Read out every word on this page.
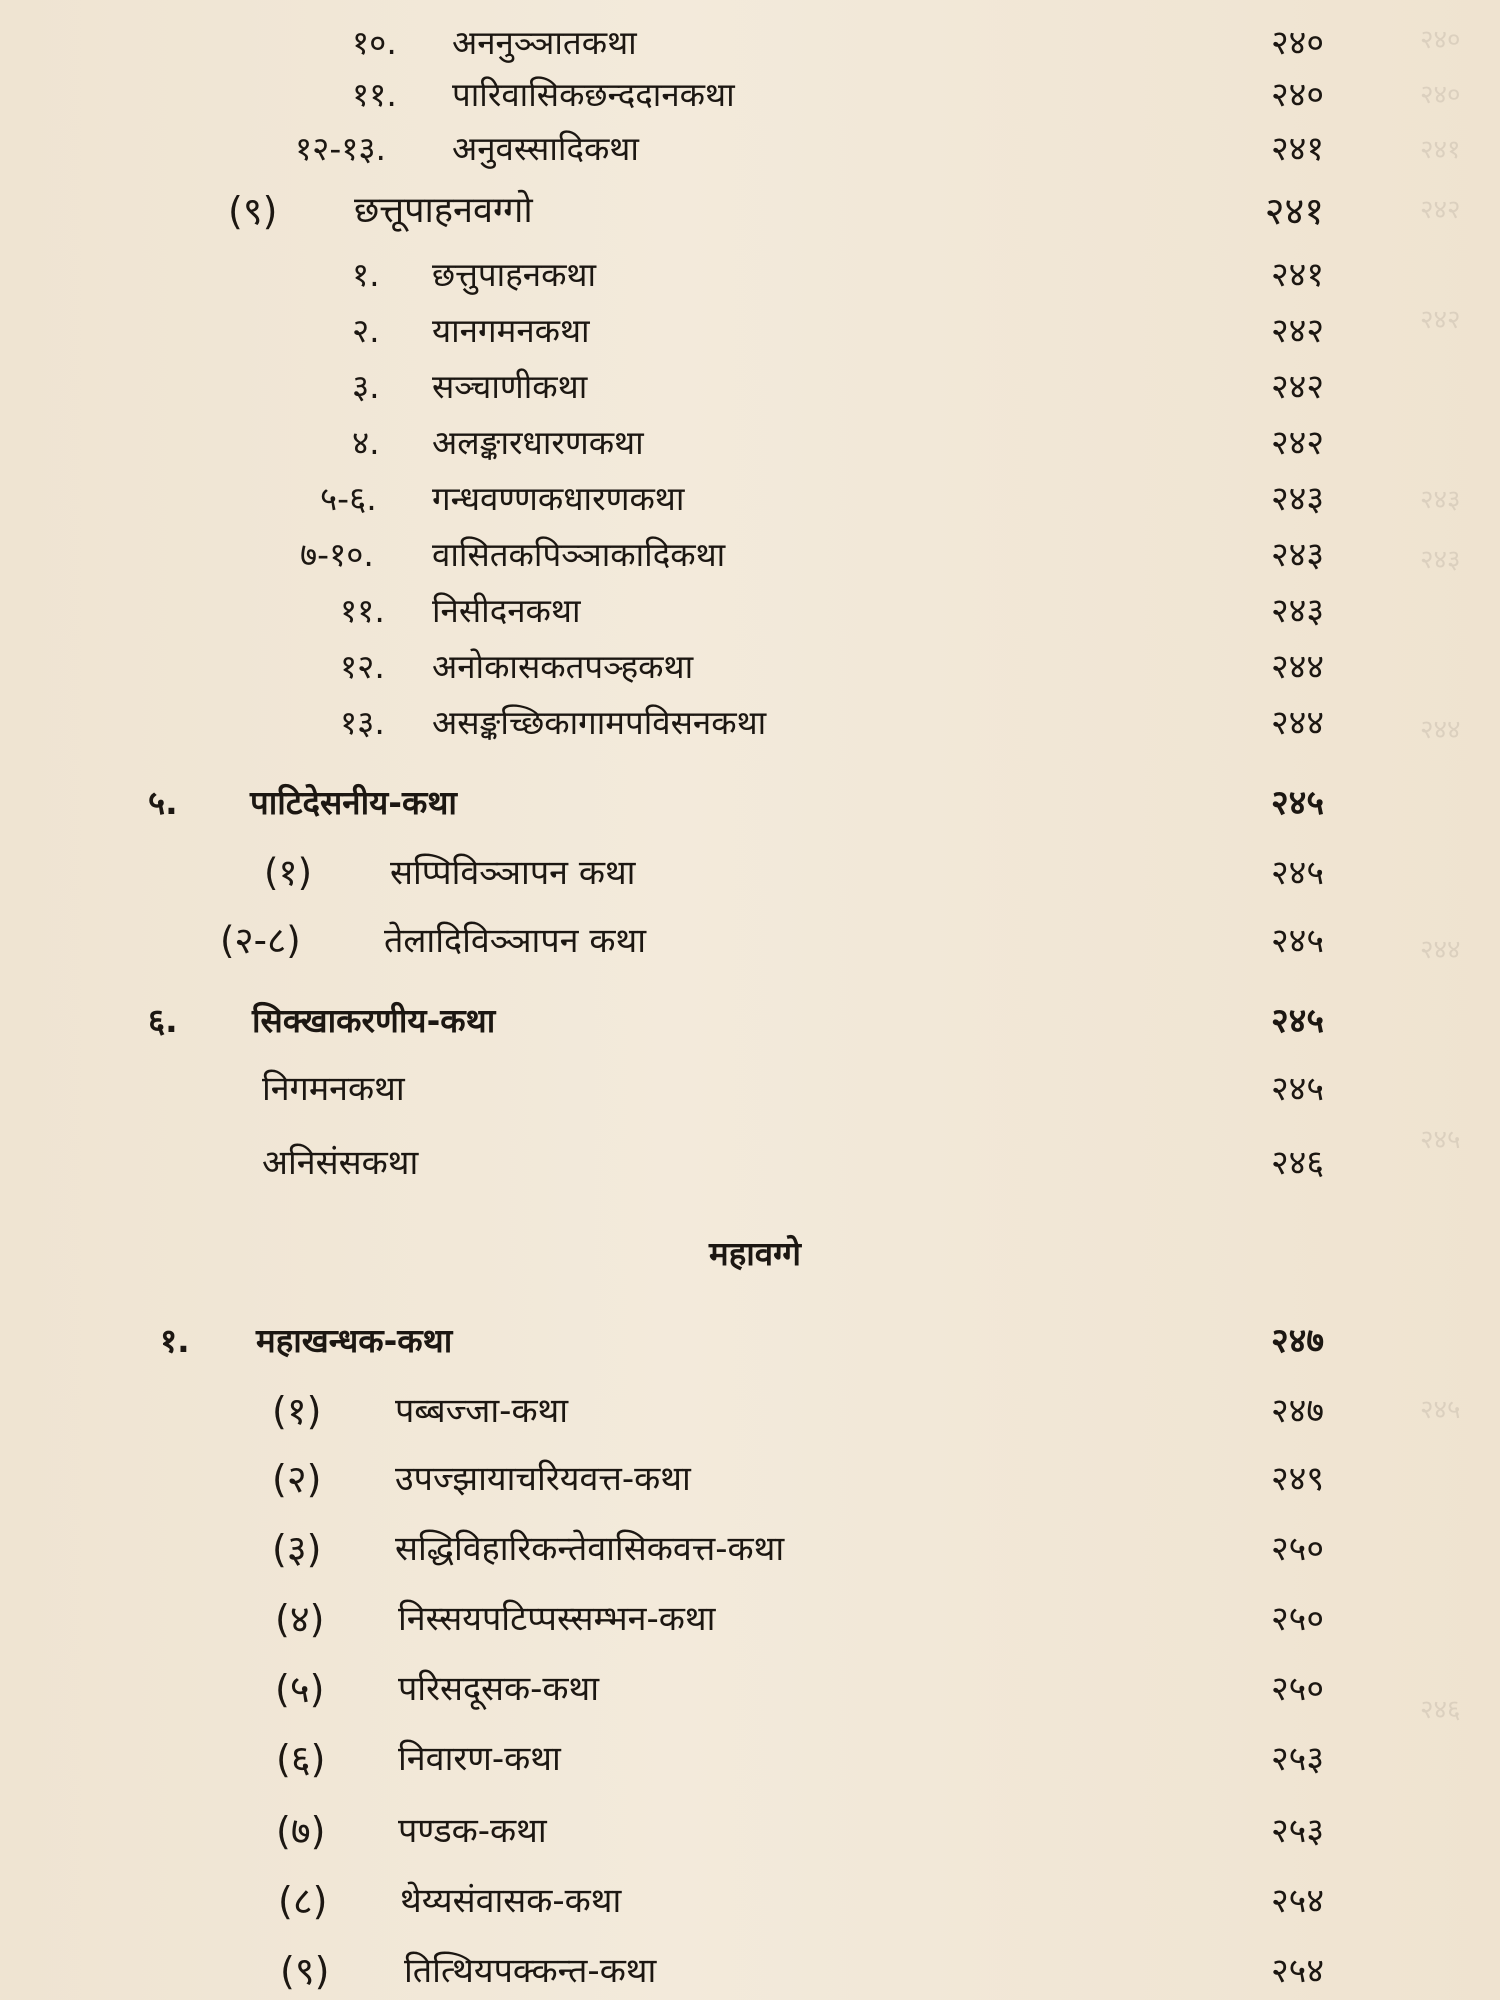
२४०
२४०
२४१
२४२
२४२
२४३
२४३
२४४
२४४
२४५
२४५
२४६
१०. अननुञ्ञातकथा	२४०
११. पारिवासिकछन्ददानकथा	२४०
१२-१३. अनुवस्सादिकथा	२४१
(९) छत्तूपाहनवग्गो	२४१
१. छत्तुपाहनकथा	२४१
२. यानगमनकथा	२४२
३. सञ्चाणीकथा	२४२
४. अलङ्कारधारणकथा	२४२
५-६. गन्धवण्णकधारणकथा	२४३
७-१०. वासितकपिञ्ञाकादिकथा	२४३
११. निसीदनकथा	२४३
१२. अनोकासकतपञ्हकथा	२४४
१३. असङ्कच्छिकागामपविसनकथा	२४४
५. पाटिदेसनीय-कथा	२४५
(१) सप्पिविञ्ञापन कथा	२४५
(२-८) तेलादिविञ्ञापन कथा	२४५
६. सिक्खाकरणीय-कथा	२४५
निगमनकथा	२४५
अनिसंसकथा	२४६
महावग्गे
१. महाखन्धक-कथा	२४७
(१) पब्बज्जा-कथा	२४७
(२) उपज्झायाचरियवत्त-कथा	२४९
(३) सद्धिविहारिकन्तेवासिकवत्त-कथा	२५०
(४) निस्सयपटिप्पस्सम्भन-कथा	२५०
(५) परिसदूसक-कथा	२५०
(६) निवारण-कथा	२५३
(७) पण्डक-कथा	२५३
(८) थेय्यसंवासक-कथा	२५४
(९) तित्थियपक्कन्त-कथा	२५४
